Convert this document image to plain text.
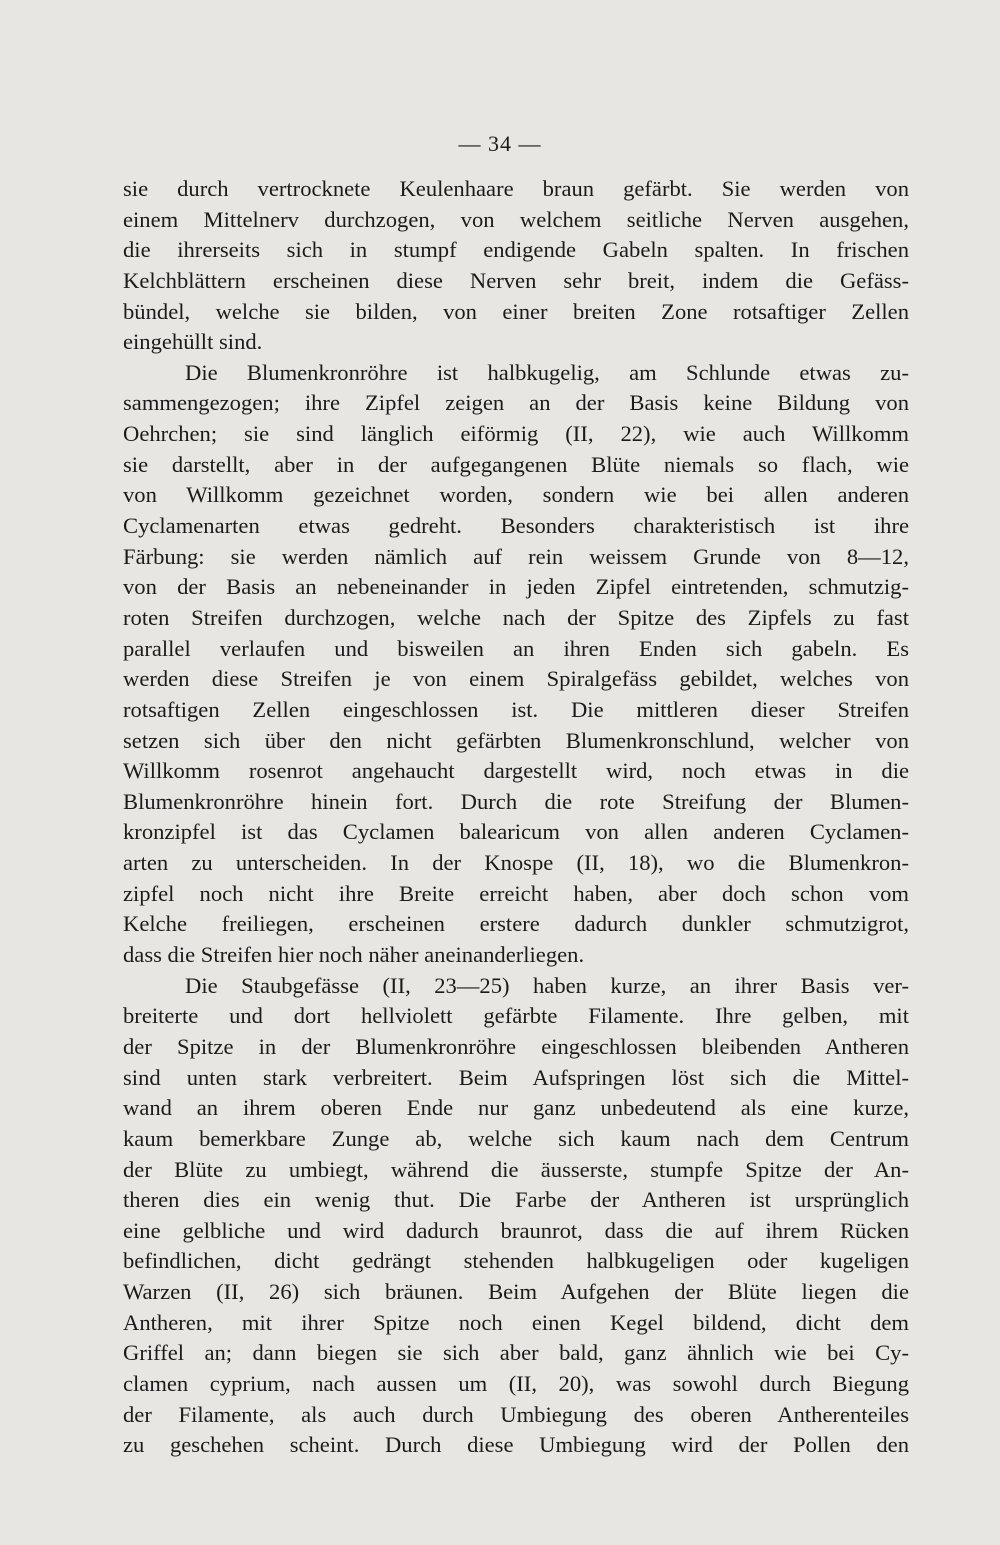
— 34 —
sie durch vertrocknete Keulenhaare braun gefärbt. Sie werden von
einem Mittelnerv durchzogen, von welchem seitliche Nerven ausgehen,
die ihrerseits sich in stumpf endigende Gabeln spalten. In frischen
Kelchblättern erscheinen diese Nerven sehr breit, indem die Gefäss-
bündel, welche sie bilden, von einer breiten Zone rotsaftiger Zellen
eingehüllt sind.
Die Blumenkronröhre ist halbkugelig, am Schlunde etwas zu-
sammengezogen; ihre Zipfel zeigen an der Basis keine Bildung von
Oehrchen; sie sind länglich eiförmig (II, 22), wie auch Willkomm
sie darstellt, aber in der aufgegangenen Blüte niemals so flach, wie
von Willkomm gezeichnet worden, sondern wie bei allen anderen
Cyclamenarten etwas gedreht. Besonders charakteristisch ist ihre
Färbung: sie werden nämlich auf rein weissem Grunde von 8—12,
von der Basis an nebeneinander in jeden Zipfel eintretenden, schmutzig-
roten Streifen durchzogen, welche nach der Spitze des Zipfels zu fast
parallel verlaufen und bisweilen an ihren Enden sich gabeln. Es
werden diese Streifen je von einem Spiralgefäss gebildet, welches von
rotsaftigen Zellen eingeschlossen ist. Die mittleren dieser Streifen
setzen sich über den nicht gefärbten Blumenkronschlund, welcher von
Willkomm rosenrot angehaucht dargestellt wird, noch etwas in die
Blumenkronröhre hinein fort. Durch die rote Streifung der Blumen-
kronzipfel ist das Cyclamen balearicum von allen anderen Cyclamen-
arten zu unterscheiden. In der Knospe (II, 18), wo die Blumenkron-
zipfel noch nicht ihre Breite erreicht haben, aber doch schon vom
Kelche freiliegen, erscheinen erstere dadurch dunkler schmutzigrot,
dass die Streifen hier noch näher aneinanderliegen.
Die Staubgefässe (II, 23—25) haben kurze, an ihrer Basis ver-
breiterte und dort hellviolett gefärbte Filamente. Ihre gelben, mit
der Spitze in der Blumenkronröhre eingeschlossen bleibenden Antheren
sind unten stark verbreitert. Beim Aufspringen löst sich die Mittel-
wand an ihrem oberen Ende nur ganz unbedeutend als eine kurze,
kaum bemerkbare Zunge ab, welche sich kaum nach dem Centrum
der Blüte zu umbiegt, während die äusserste, stumpfe Spitze der An-
theren dies ein wenig thut. Die Farbe der Antheren ist ursprünglich
eine gelbliche und wird dadurch braunrot, dass die auf ihrem Rücken
befindlichen, dicht gedrängt stehenden halbkugeligen oder kugeligen
Warzen (II, 26) sich bräunen. Beim Aufgehen der Blüte liegen die
Antheren, mit ihrer Spitze noch einen Kegel bildend, dicht dem
Griffel an; dann biegen sie sich aber bald, ganz ähnlich wie bei Cy-
clamen cyprium, nach aussen um (II, 20), was sowohl durch Biegung
der Filamente, als auch durch Umbiegung des oberen Antherenteiles
zu geschehen scheint. Durch diese Umbiegung wird der Pollen den
